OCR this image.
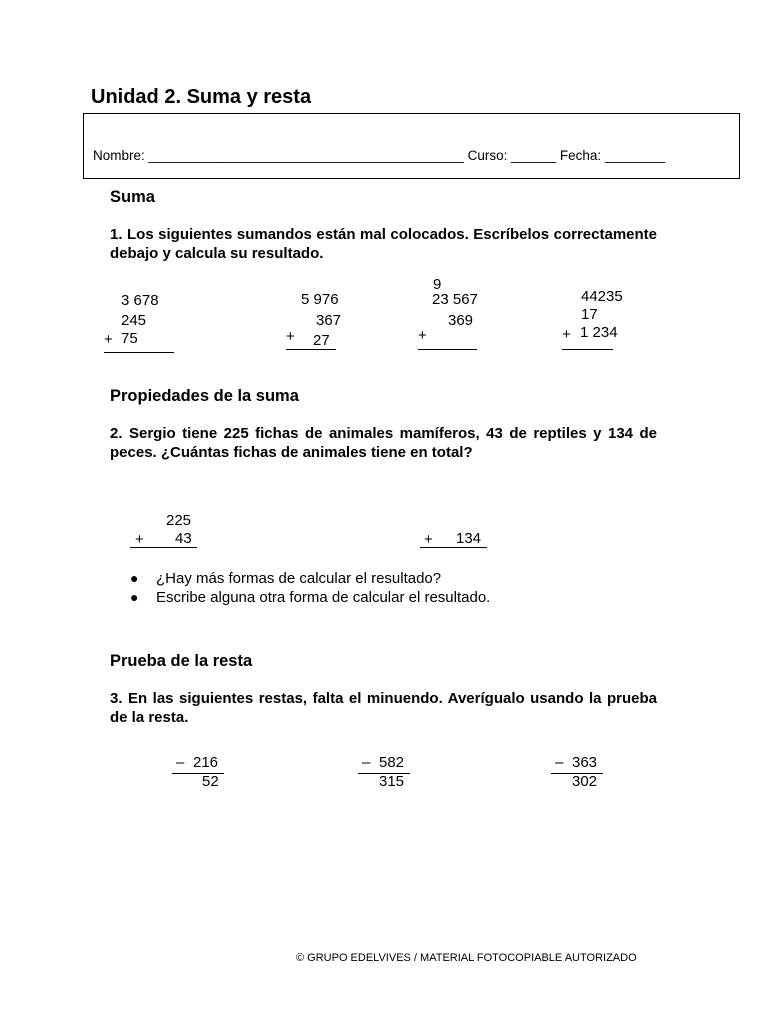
Unidad 2. Suma y resta
Nombre: __________________________________________ Curso: ______ Fecha: ________
Suma
1. Los siguientes sumandos están mal colocados. Escríbelos correctamente debajo y calcula su resultado.
3 678
245
+ 75
5 976
367
+ 27
9
23 567
369
+
44235
17
+ 1 234
Propiedades de la suma
2. Sergio tiene 225 fichas de animales mamíferos, 43 de reptiles y 134 de peces. ¿Cuántas fichas de animales tiene en total?
225
+ 43	+ 134
●	¿Hay más formas de calcular el resultado?
●	Escribe alguna otra forma de calcular el resultado.
Prueba de la resta
3. En las siguientes restas, falta el minuendo. Averígualo usando la prueba de la resta.
– 216
52
– 582
315
– 363
302
© GRUPO EDELVIVES / MATERIAL FOTOCOPIABLE AUTORIZADO
